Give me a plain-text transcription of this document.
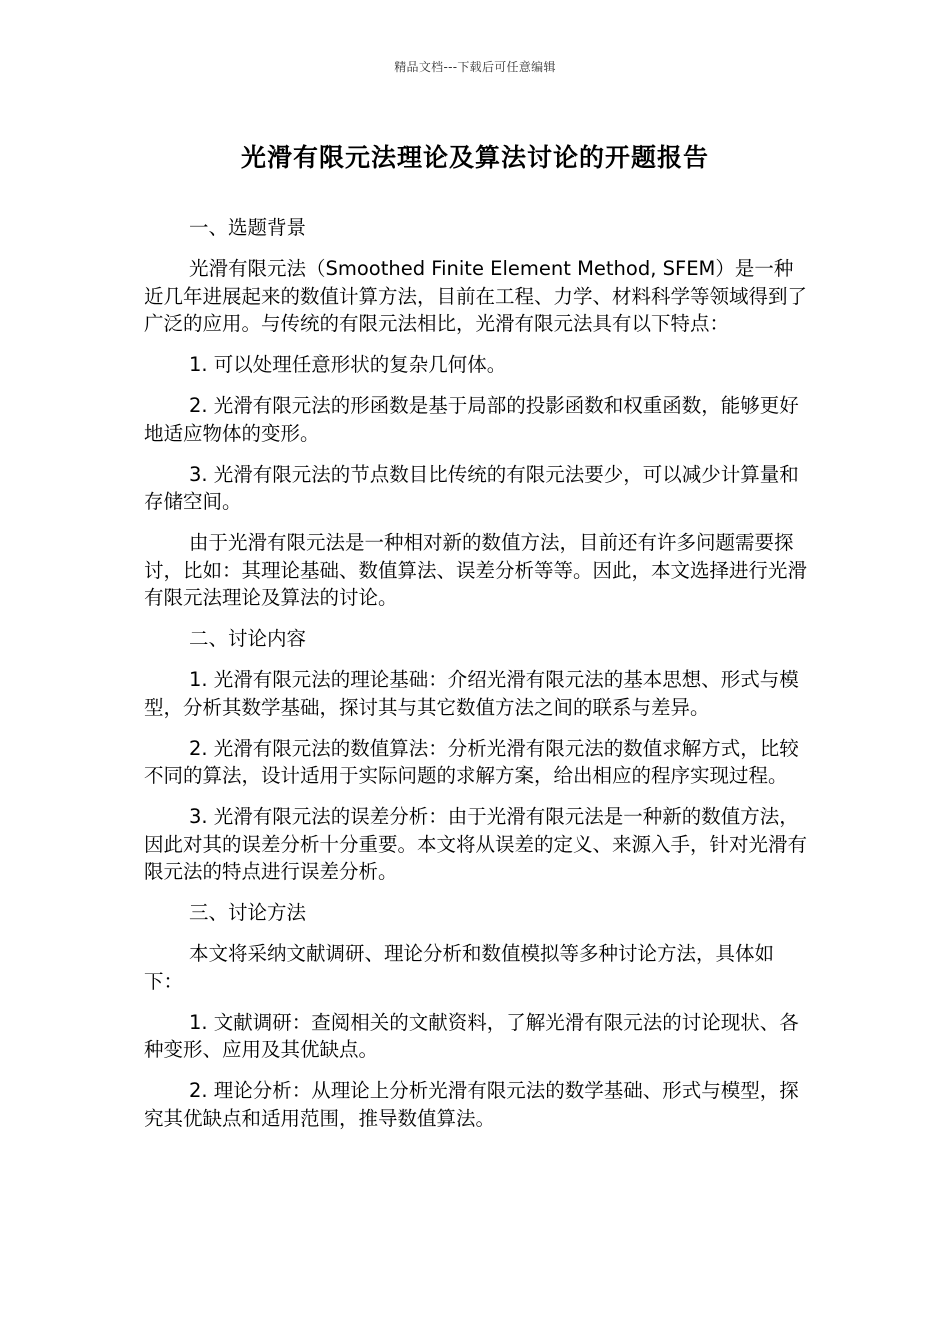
精品文档---下载后可任意编辑
光滑有限元法理论及算法讨论的开题报告

一、选题背景

光滑有限元法（Smoothed Finite Element Method, SFEM）是一种近几年进展起来的数值计算方法，目前在工程、力学、材料科学等领域得到了广泛的应用。与传统的有限元法相比，光滑有限元法具有以下特点：

1. 可以处理任意形状的复杂几何体。

2. 光滑有限元法的形函数是基于局部的投影函数和权重函数，能够更好地适应物体的变形。

3. 光滑有限元法的节点数目比传统的有限元法要少，可以减少计算量和存储空间。

由于光滑有限元法是一种相对新的数值方法，目前还有许多问题需要探讨，比如：其理论基础、数值算法、误差分析等等。因此，本文选择进行光滑有限元法理论及算法的讨论。

二、讨论内容

1. 光滑有限元法的理论基础：介绍光滑有限元法的基本思想、形式与模型，分析其数学基础，探讨其与其它数值方法之间的联系与差异。

2. 光滑有限元法的数值算法：分析光滑有限元法的数值求解方式，比较不同的算法，设计适用于实际问题的求解方案，给出相应的程序实现过程。

3. 光滑有限元法的误差分析：由于光滑有限元法是一种新的数值方法，因此对其的误差分析十分重要。本文将从误差的定义、来源入手，针对光滑有限元法的特点进行误差分析。

三、讨论方法

本文将采纳文献调研、理论分析和数值模拟等多种讨论方法，具体如下：

1. 文献调研：查阅相关的文献资料，了解光滑有限元法的讨论现状、各种变形、应用及其优缺点。

2. 理论分析：从理论上分析光滑有限元法的数学基础、形式与模型，探究其优缺点和适用范围，推导数值算法。
